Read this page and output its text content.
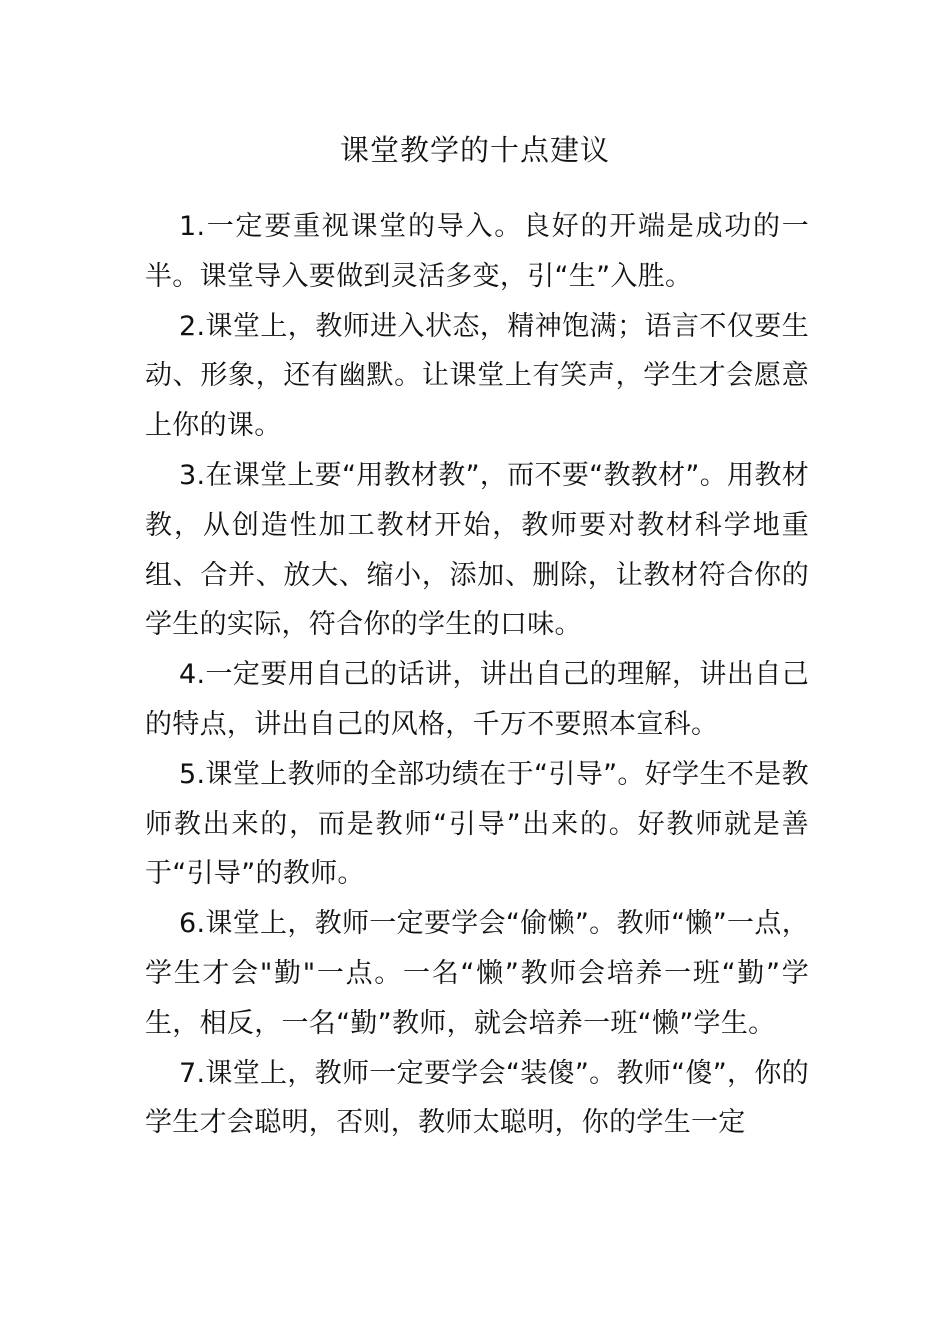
课堂教学的十点建议

1.一定要重视课堂的导入。良好的开端是成功的一半。课堂导入要做到灵活多变，引“生”入胜。

2.课堂上，教师进入状态，精神饱满；语言不仅要生动、形象，还有幽默。让课堂上有笑声，学生才会愿意上你的课。

3.在课堂上要“用教材教”，而不要“教教材”。用教材教，从创造性加工教材开始，教师要对教材科学地重组、合并、放大、缩小，添加、删除，让教材符合你的学生的实际，符合你的学生的口味。

4.一定要用自己的话讲，讲出自己的理解，讲出自己的特点，讲出自己的风格，千万不要照本宣科。

5.课堂上教师的全部功绩在于“引导”。好学生不是教师教出来的，而是教师“引导”出来的。好教师就是善于“引导”的教师。

6.课堂上，教师一定要学会“偷懒”。教师“懒”一点，学生才会"勤"一点。一名“懒”教师会培养一班“勤”学生，相反，一名“勤”教师，就会培养一班“懒”学生。

7.课堂上，教师一定要学会“装傻”。教师“傻”，你的学生才会聪明，否则，教师太聪明，你的学生一定
